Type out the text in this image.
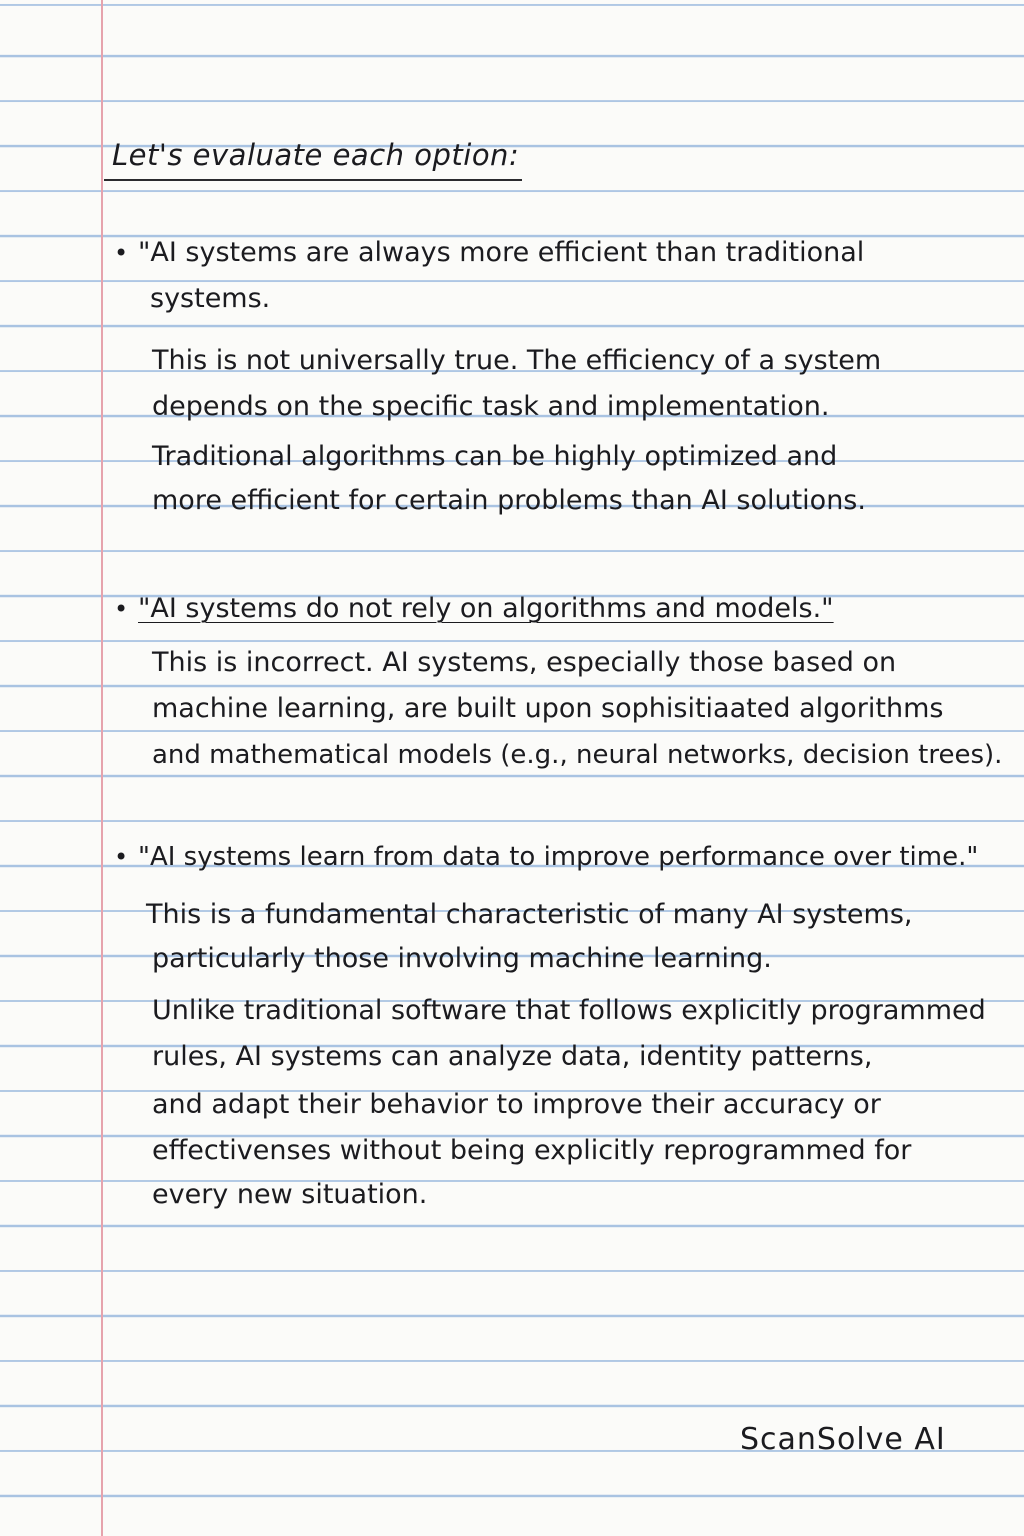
Let's evaluate each option:
• "AI systems are always more efficient than traditional

systems.

This is not universally true. The efficiency of a system

depends on the specific task and implementation.

Traditional algorithms can be highly optimized and

more efficient for certain problems than AI solutions.

• "AI systems do not rely on algorithms and models."

This is incorrect. AI systems, especially those based on

machine learning, are built upon sophisitiaated algorithms

and mathematical models (e.g., neural networks, decision trees).

• "AI systems learn from data to improve performance over time."

This is a fundamental characteristic of many AI systems,

particularly those involving machine learning.

Unlike traditional software that follows explicitly programmed

rules, AI systems can analyze data, identity patterns,

and adapt their behavior to improve their accuracy or

effectivenses without being explicitly reprogrammed for

every new situation.

ScanSolve AI
